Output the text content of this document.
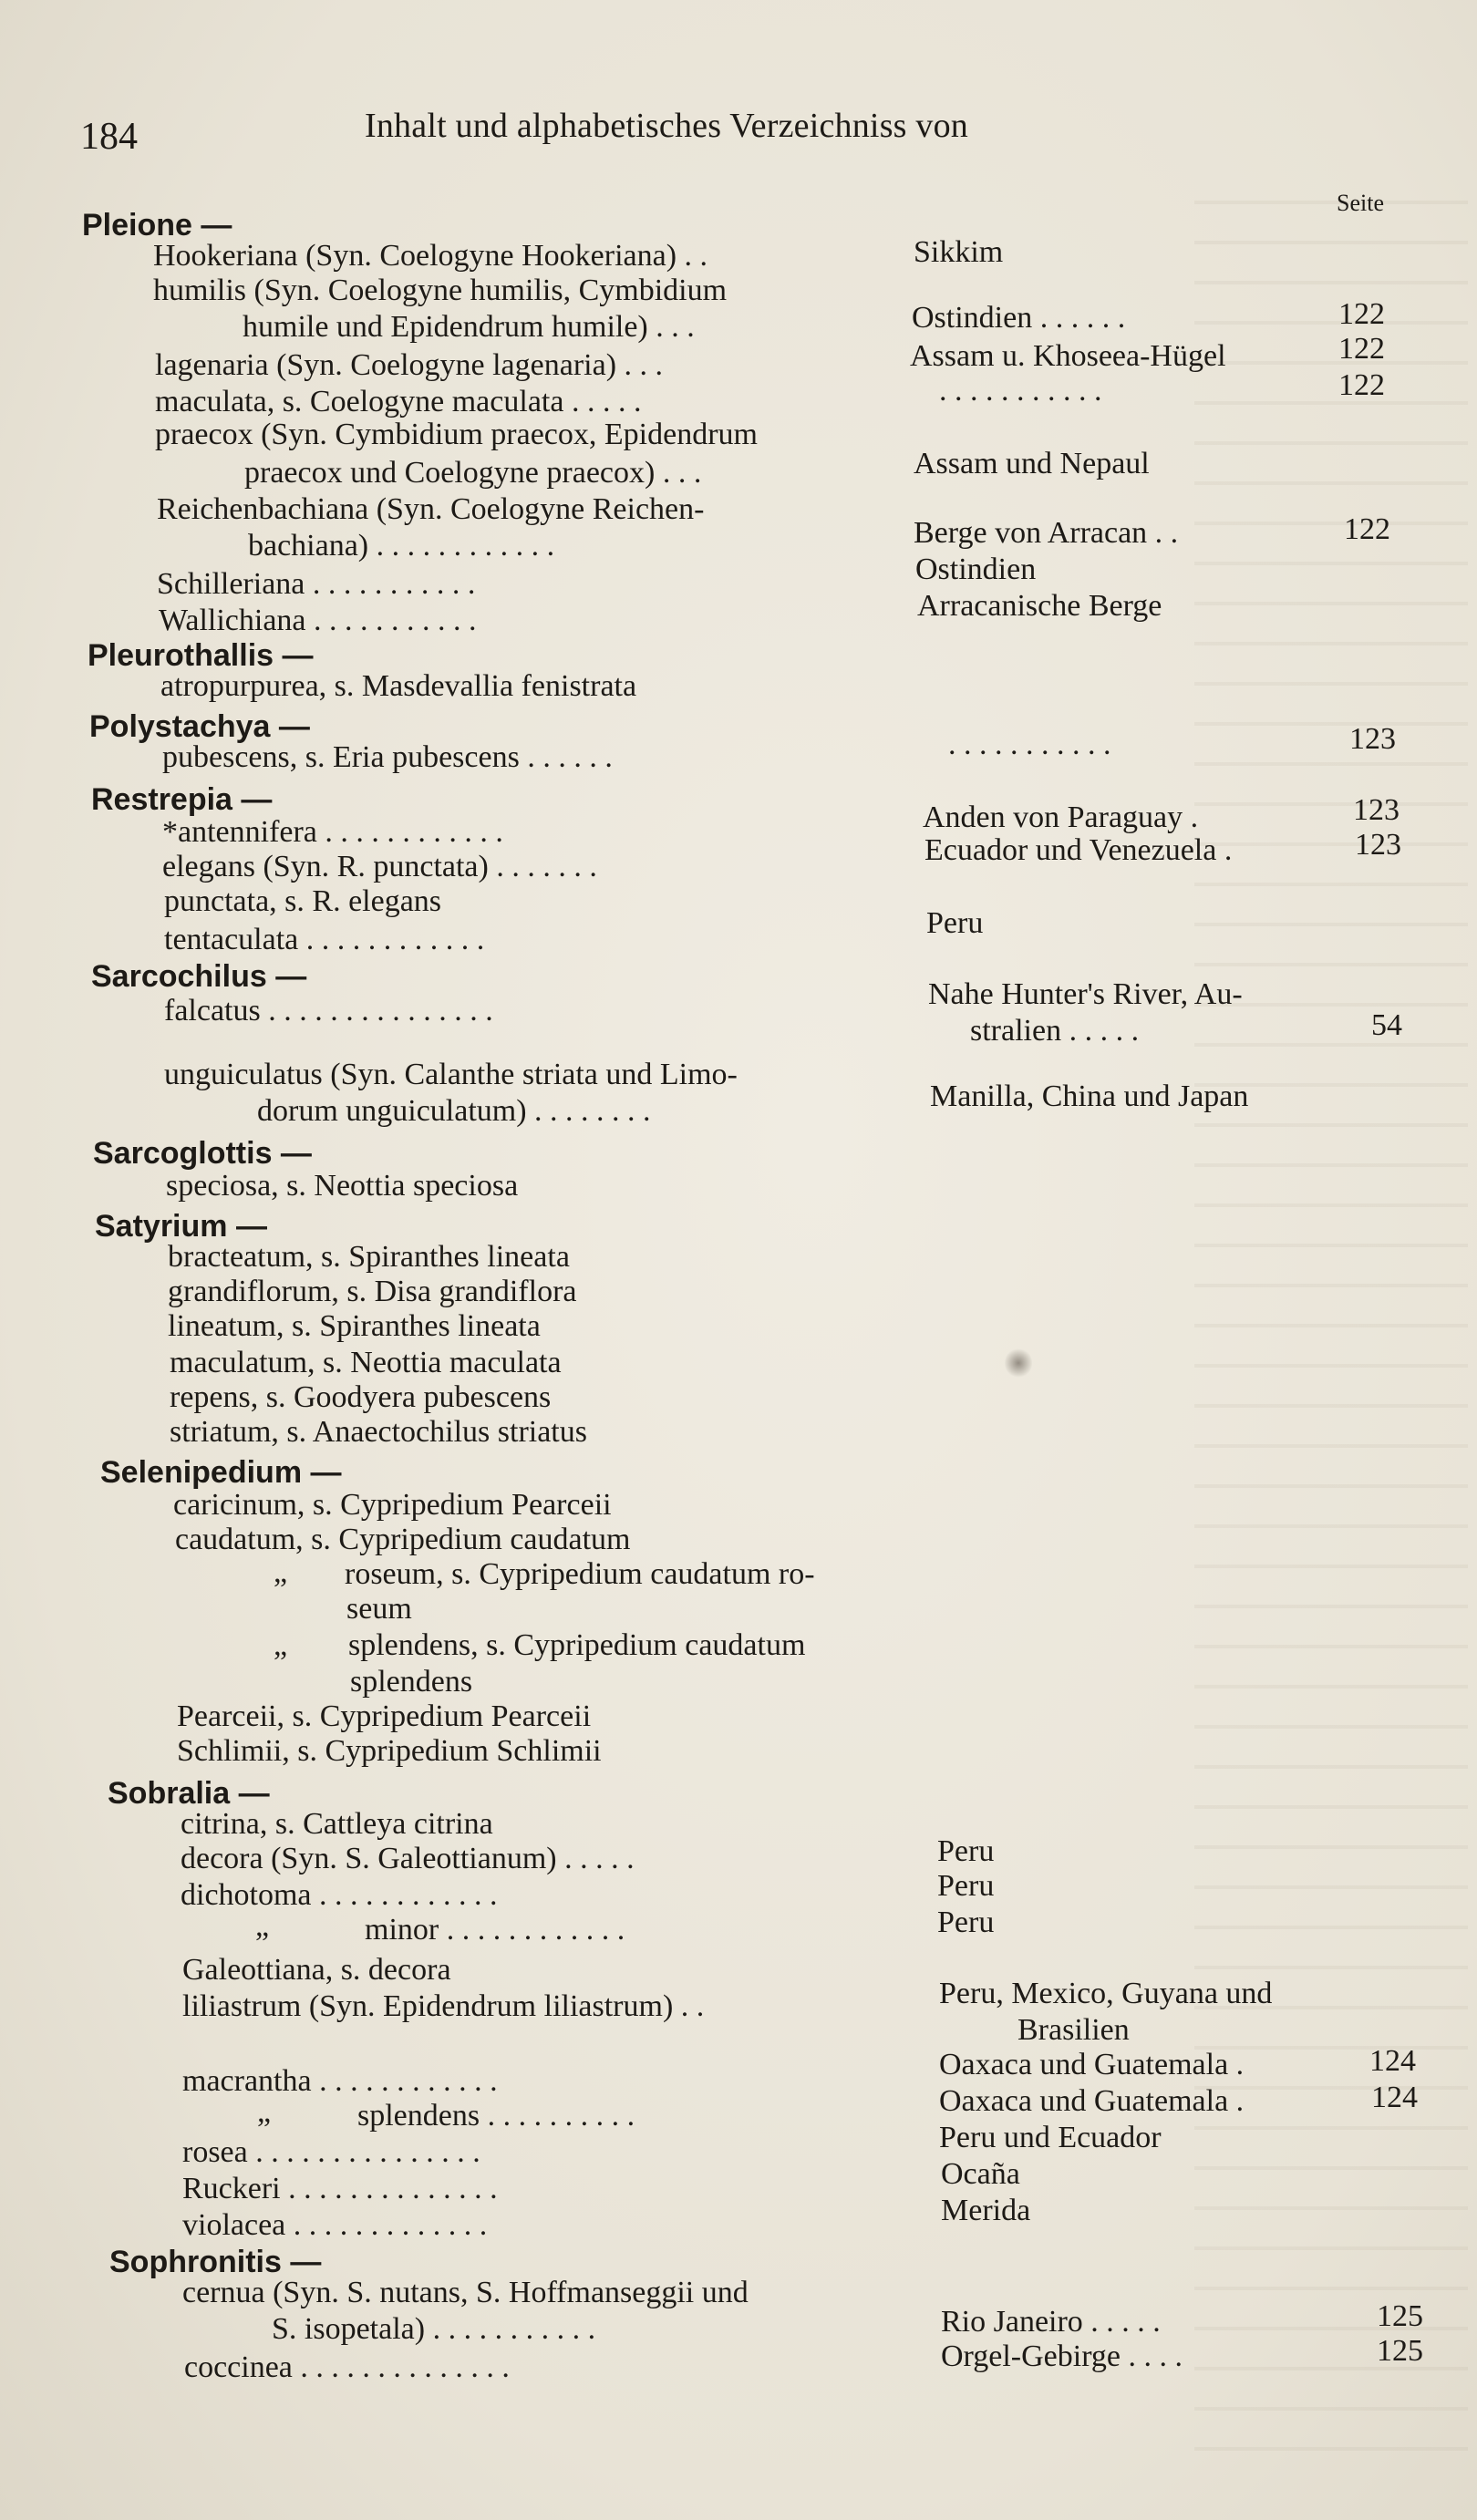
184	Inhalt und alphabetisches Verzeichniss von
Seite
Pleione —
Hookeriana (Syn. Coelogyne Hookeriana) . .	Sikkim
humilis (Syn. Coelogyne humilis, Cymbidium
humile und Epidendrum humile) . . .	Ostindien . . . . . .	122
lagenaria (Syn. Coelogyne lagenaria) . . .	Assam u. Khoseea-Hügel	122
maculata, s. Coelogyne maculata . . . . .	. . . . . . . . . . .	122
praecox (Syn. Cymbidium praecox, Epidendrum
praecox und Coelogyne praecox) . . .	Assam und Nepaul
Reichenbachiana (Syn. Coelogyne Reichen-
bachiana) . . . . . . . . . . . .	Berge von Arracan . .	122
Schilleriana . . . . . . . . . . .	Ostindien
Wallichiana . . . . . . . . . . .	Arracanische Berge
Pleurothallis —
atropurpurea, s. Masdevallia fenistrata
Polystachya —
pubescens, s. Eria pubescens . . . . . .	. . . . . . . . . . .	123
Restrepia —
*antennifera . . . . . . . . . . . .	Anden von Paraguay .	123
elegans (Syn. R. punctata) . . . . . . .	Ecuador und Venezuela .	123
punctata, s. R. elegans
tentaculata . . . . . . . . . . . .	Peru
Sarcochilus —
falcatus . . . . . . . . . . . . . . .	Nahe Hunter's River, Au-
stralien . . . . .	54
unguiculatus (Syn. Calanthe striata und Limo-
dorum unguiculatum) . . . . . . . .	Manilla, China und Japan
Sarcoglottis —
speciosa, s. Neottia speciosa
Satyrium —
bracteatum, s. Spiranthes lineata
grandiflorum, s. Disa grandiflora
lineatum, s. Spiranthes lineata
maculatum, s. Neottia maculata
repens, s. Goodyera pubescens
striatum, s. Anaectochilus striatus
Selenipedium —
caricinum, s. Cypripedium Pearceii
caudatum, s. Cypripedium caudatum
„ roseum, s. Cypripedium caudatum ro-
seum
„ splendens, s. Cypripedium caudatum
splendens
Pearceii, s. Cypripedium Pearceii
Schlimii, s. Cypripedium Schlimii
Sobralia —
citrina, s. Cattleya citrina
decora (Syn. S. Galeottianum) . . . . .	Peru
dichotoma . . . . . . . . . . . .	Peru
„	minor . . . . . . . . . . . .	Peru
Galeottiana, s. decora
liliastrum (Syn. Epidendrum liliastrum) . .	Peru, Mexico, Guyana und
Brasilien
macrantha . . . . . . . . . . . .	Oaxaca und Guatemala .	124
„	splendens . . . . . . . . . .	Oaxaca und Guatemala .	124
rosea . . . . . . . . . . . . . . .	Peru und Ecuador
Ruckeri . . . . . . . . . . . . . .	Ocaña
violacea . . . . . . . . . . . . .	Merida
Sophronitis —
cernua (Syn. S. nutans, S. Hoffmanseggii und
S. isopetala) . . . . . . . . . . .	Rio Janeiro . . . . .	125
coccinea . . . . . . . . . . . . . .	Orgel-Gebirge . . . .	125
